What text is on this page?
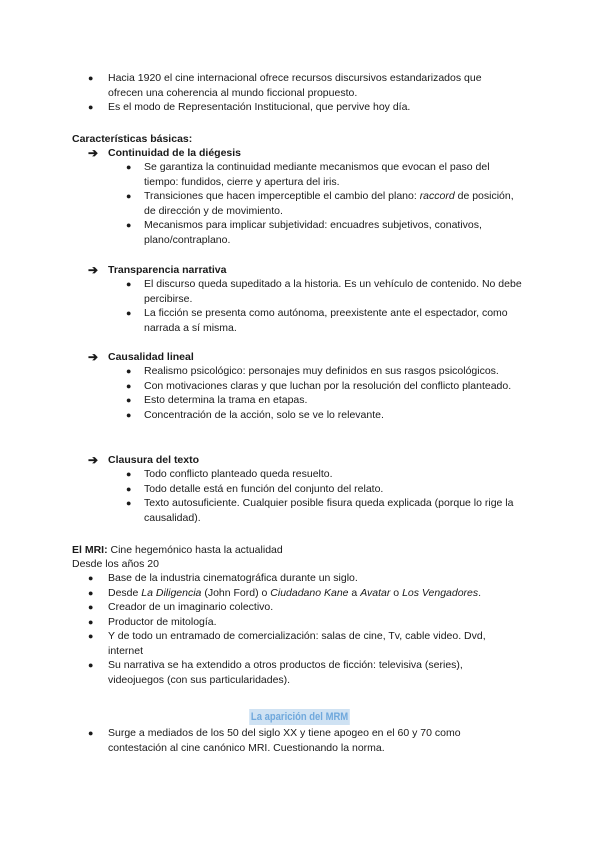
● Hacia 1920 el cine internacional ofrece recursos discursivos estandarizados que ofrecen una coherencia al mundo ficcional propuesto.
● Es el modo de Representación Institucional, que pervive hoy día.
Características básicas:
➔ Continuidad de la diégesis
● Se garantiza la continuidad mediante mecanismos que evocan el paso del tiempo: fundidos, cierre y apertura del iris.
● Transiciones que hacen imperceptible el cambio del plano: raccord de posición, de dirección y de movimiento.
● Mecanismos para implicar subjetividad: encuadres subjetivos, conativos, plano/contraplano.
➔ Transparencia narrativa
● El discurso queda supeditado a la historia. Es un vehículo de contenido. No debe percibirse.
● La ficción se presenta como autónoma, preexistente ante el espectador, como narrada a sí misma.
➔ Causalidad lineal
● Realismo psicológico: personajes muy definidos en sus rasgos psicológicos.
● Con motivaciones claras y que luchan por la resolución del conflicto planteado.
● Esto determina la trama en etapas.
● Concentración de la acción, solo se ve lo relevante.
➔ Clausura del texto
● Todo conflicto planteado queda resuelto.
● Todo detalle está en función del conjunto del relato.
● Texto autosuficiente. Cualquier posible fisura queda explicada (porque lo rige la causalidad).
El MRI: Cine hegemónico hasta la actualidad
Desde los años 20
● Base de la industria cinematográfica durante un siglo.
● Desde La Diligencia (John Ford) o Ciudadano Kane a Avatar o Los Vengadores.
● Creador de un imaginario colectivo.
● Productor de mitología.
● Y de todo un entramado de comercialización: salas de cine, Tv, cable video. Dvd, internet
● Su narrativa se ha extendido a otros productos de ficción: televisiva (series), videojuegos (con sus particularidades).
La aparición del MRM
● Surge a mediados de los 50 del siglo XX y tiene apogeo en el 60 y 70 como contestación al cine canónico MRI. Cuestionando la norma.
